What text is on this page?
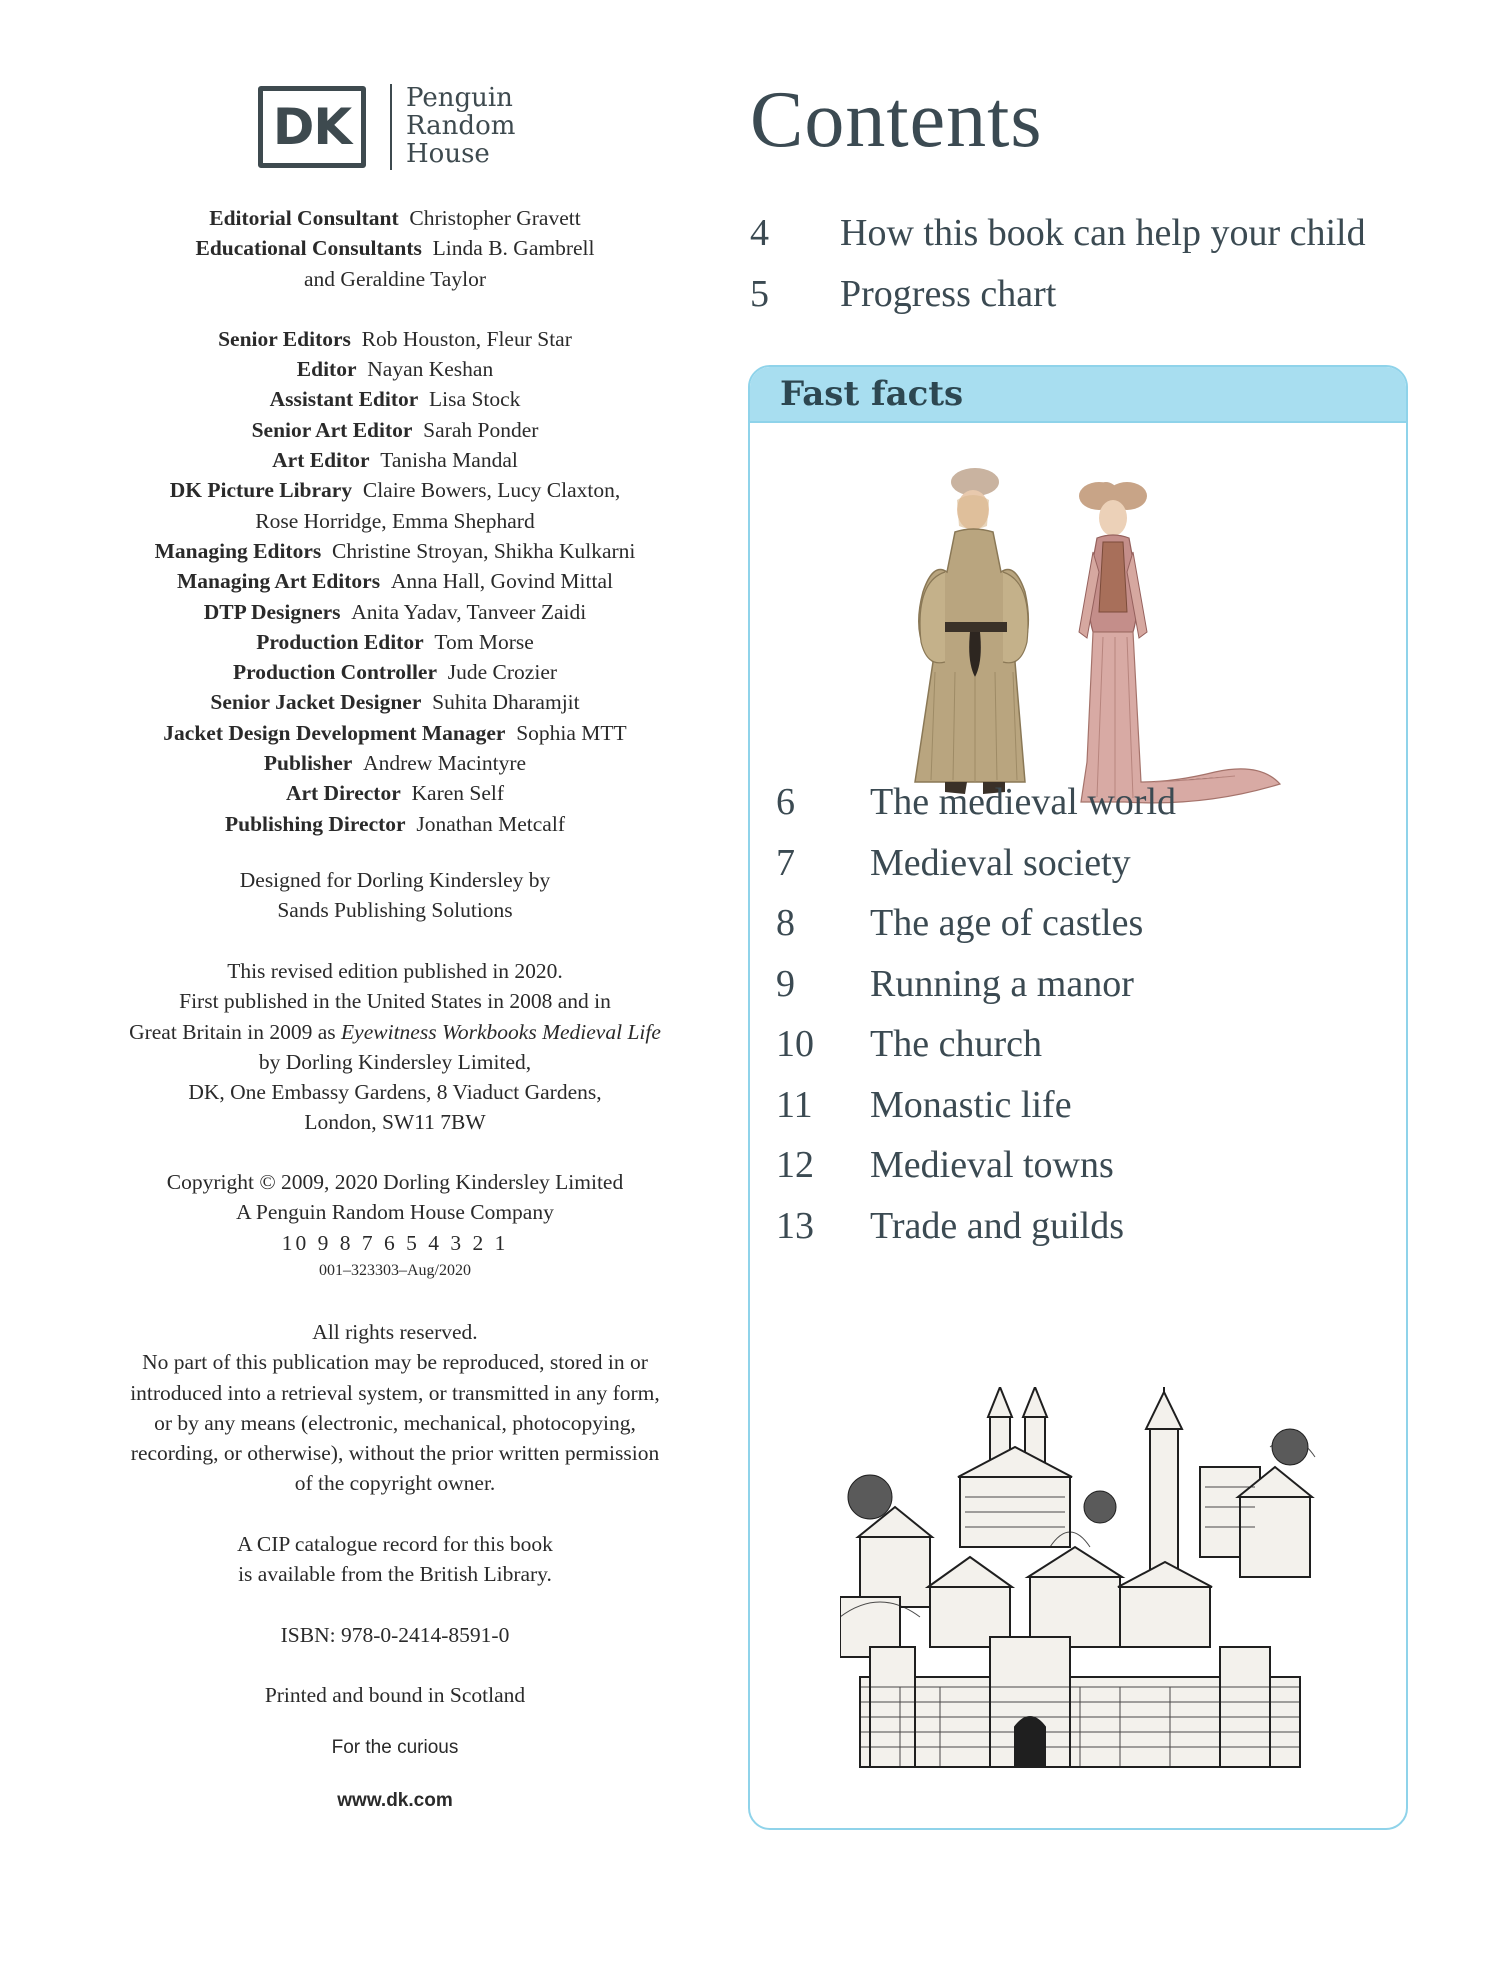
DK	Penguin
Random
House
Editorial Consultant  Christopher Gravett
Educational Consultants  Linda B. Gambrell
and Geraldine Taylor
Senior Editors  Rob Houston, Fleur Star
Editor  Nayan Keshan
Assistant Editor  Lisa Stock
Senior Art Editor  Sarah Ponder
Art Editor  Tanisha Mandal
DK Picture Library  Claire Bowers, Lucy Claxton,
Rose Horridge, Emma Shephard
Managing Editors  Christine Stroyan, Shikha Kulkarni
Managing Art Editors  Anna Hall, Govind Mittal
DTP Designers  Anita Yadav, Tanveer Zaidi
Production Editor  Tom Morse
Production Controller  Jude Crozier
Senior Jacket Designer  Suhita Dharamjit
Jacket Design Development Manager  Sophia MTT
Publisher  Andrew Macintyre
Art Director  Karen Self
Publishing Director  Jonathan Metcalf
Designed for Dorling Kindersley by
Sands Publishing Solutions
This revised edition published in 2020.
First published in the United States in 2008 and in
Great Britain in 2009 as Eyewitness Workbooks Medieval Life
by Dorling Kindersley Limited,
DK, One Embassy Gardens, 8 Viaduct Gardens,
London, SW11 7BW
Copyright © 2009, 2020 Dorling Kindersley Limited
A Penguin Random House Company
10 9 8 7 6 5 4 3 2 1
001–323303–Aug/2020
All rights reserved.
No part of this publication may be reproduced, stored in or
introduced into a retrieval system, or transmitted in any form,
or by any means (electronic, mechanical, photocopying,
recording, or otherwise), without the prior written permission
of the copyright owner.
A CIP catalogue record for this book
is available from the British Library.
ISBN: 978-0-2414-8591-0
Printed and bound in Scotland
For the curious
www.dk.com
Contents
4 How this book can help your child
5 Progress chart
Fast facts
6 The medieval world
7 Medieval society
8 The age of castles
9 Running a manor
10 The church
11 Monastic life
12 Medieval towns
13 Trade and guilds
